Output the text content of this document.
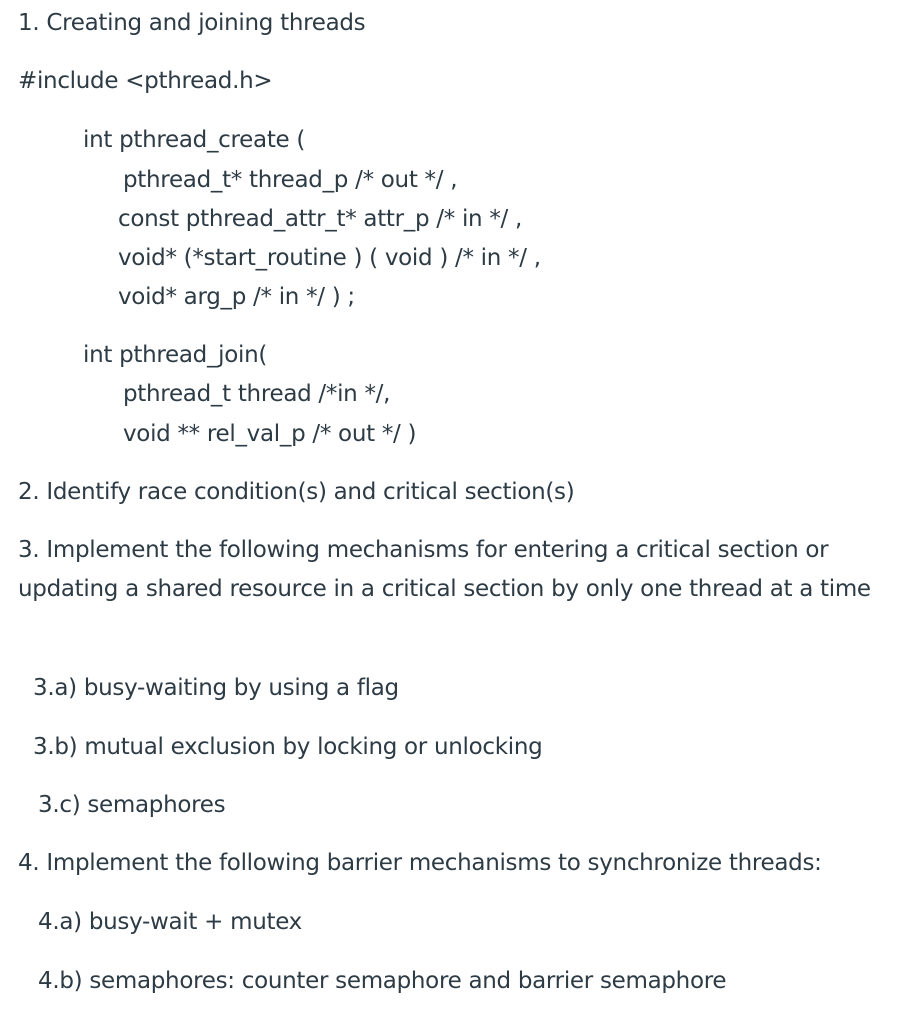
1. Creating and joining threads
#include <pthread.h>
int pthread_create (
pthread_t* thread_p /* out */ ,
const pthread_attr_t* attr_p /* in */ ,
void* (*start_routine ) ( void ) /* in */ ,
void* arg_p /* in */ ) ;
int pthread_join(
pthread_t thread /*in */,
void ** rel_val_p /* out */ )
2. Identify race condition(s) and critical section(s)
3. Implement the following mechanisms for entering a critical section or updating a shared resource in a critical section by only one thread at a time
3.a) busy-waiting by using a flag
3.b) mutual exclusion by locking or unlocking
3.c) semaphores
4. Implement the following barrier mechanisms to synchronize threads:
4.a) busy-wait + mutex
4.b) semaphores: counter semaphore and barrier semaphore
